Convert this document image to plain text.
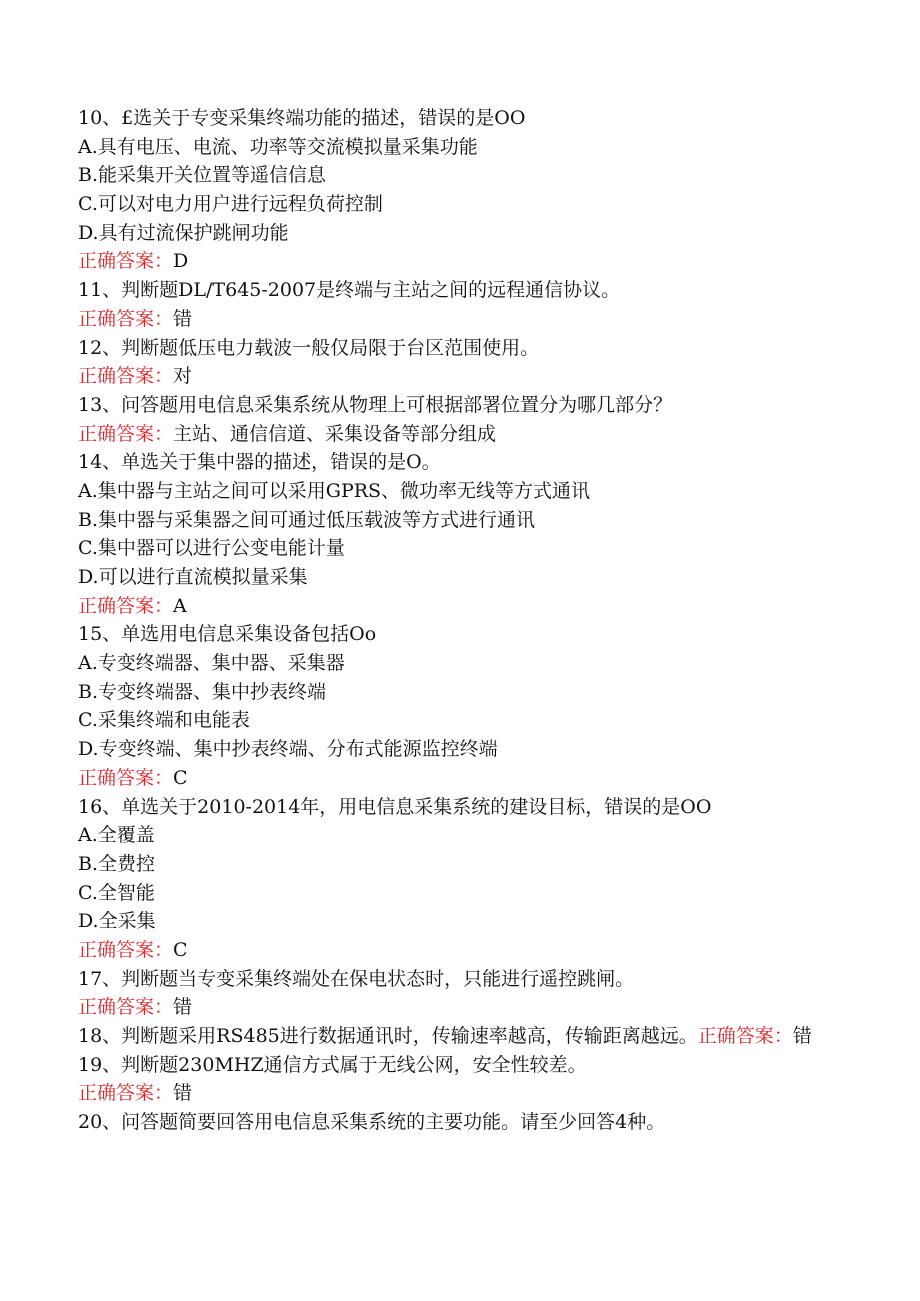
10、£选关于专变采集终端功能的描述，错误的是OO
A.具有电压、电流、功率等交流模拟量采集功能
B.能采集开关位置等遥信信息
C.可以对电力用户进行远程负荷控制
D.具有过流保护跳闸功能
正确答案：D
11、判断题DL/T645-2007是终端与主站之间的远程通信协议。
正确答案：错
12、判断题低压电力载波一般仅局限于台区范围使用。
正确答案：对
13、问答题用电信息采集系统从物理上可根据部署位置分为哪几部分？
正确答案：主站、通信信道、采集设备等部分组成
14、单选关于集中器的描述，错误的是O。
A.集中器与主站之间可以采用GPRS、微功率无线等方式通讯
B.集中器与采集器之间可通过低压载波等方式进行通讯
C.集中器可以进行公变电能计量
D.可以进行直流模拟量采集
正确答案：A
15、单选用电信息采集设备包括Oo
A.专变终端器、集中器、采集器
B.专变终端器、集中抄表终端
C.采集终端和电能表
D.专变终端、集中抄表终端、分布式能源监控终端
正确答案：C
16、单选关于2010-2014年，用电信息采集系统的建设目标，错误的是OO
A.全覆盖
B.全费控
C.全智能
D.全采集
正确答案：C
17、判断题当专变采集终端处在保电状态时，只能进行遥控跳闸。
正确答案：错
18、判断题采用RS485进行数据通讯时，传输速率越高，传输距离越远。正确答案：错
19、判断题230MHZ通信方式属于无线公网，安全性较差。
正确答案：错
20、问答题简要回答用电信息采集系统的主要功能。请至少回答4种。
